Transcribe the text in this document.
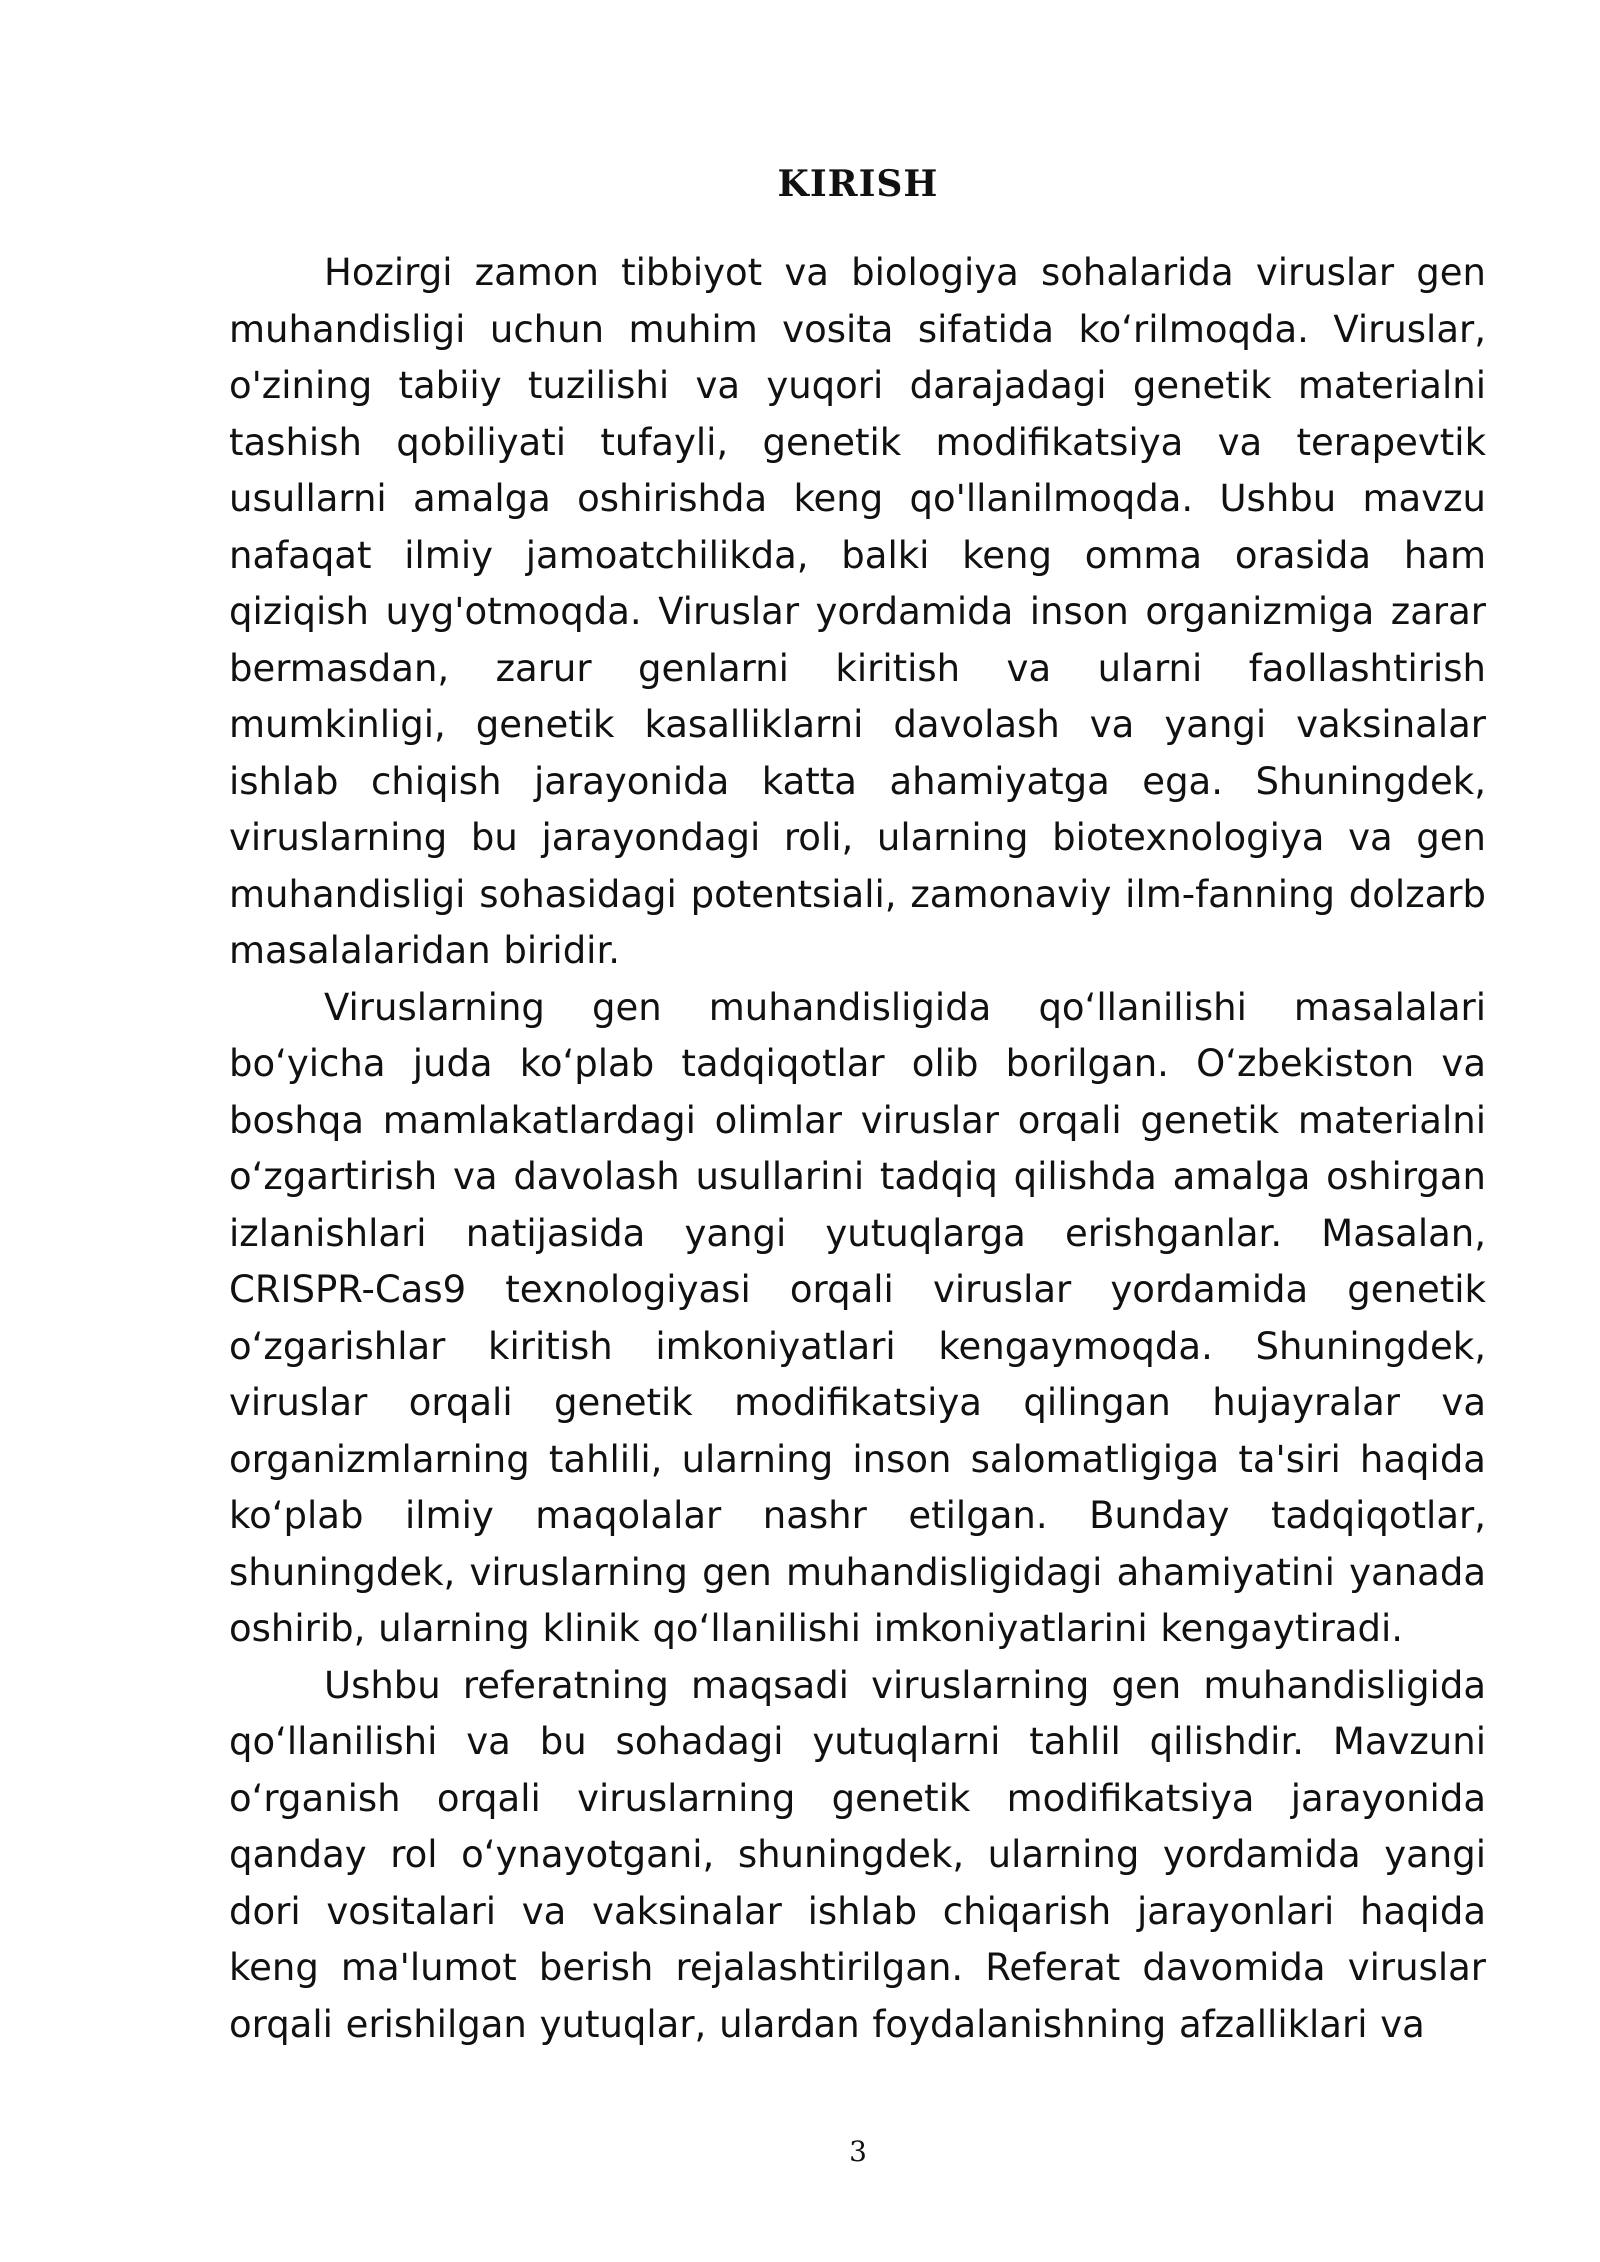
KIRISH

Hozirgi zamon tibbiyot va biologiya sohalarida viruslar gen muhandisligi uchun muhim vosita sifatida koʻrilmoqda. Viruslar, o'zining tabiiy tuzilishi va yuqori darajadagi genetik materialni tashish qobiliyati tufayli, genetik modifikatsiya va terapevtik usullarni amalga oshirishda keng qo'llanilmoqda. Ushbu mavzu nafaqat ilmiy jamoatchilikda, balki keng omma orasida ham qiziqish uyg'otmoqda. Viruslar yordamida inson organizmiga zarar bermasdan, zarur genlarni kiritish va ularni faollashtirish mumkinligi, genetik kasalliklarni davolash va yangi vaksinalar ishlab chiqish jarayonida katta ahamiyatga ega. Shuningdek, viruslarning bu jarayondagi roli, ularning biotexnologiya va gen muhandisligi sohasidagi potentsiali, zamonaviy ilm-fanning dolzarb masalalaridan biridir.

Viruslarning gen muhandisligida qoʻllanilishi masalalari boʻyicha juda koʻplab tadqiqotlar olib borilgan. Oʻzbekiston va boshqa mamlakatlardagi olimlar viruslar orqali genetik materialni oʻzgartirish va davolash usullarini tadqiq qilishda amalga oshirgan izlanishlari natijasida yangi yutuqlarga erishganlar. Masalan, CRISPR-Cas9 texnologiyasi orqali viruslar yordamida genetik oʻzgarishlar kiritish imkoniyatlari kengaymoqda. Shuningdek, viruslar orqali genetik modifikatsiya qilingan hujayralar va organizmlarning tahlili, ularning inson salomatligiga ta'siri haqida koʻplab ilmiy maqolalar nashr etilgan. Bunday tadqiqotlar, shuningdek, viruslarning gen muhandisligidagi ahamiyatini yanada oshirib, ularning klinik qoʻllanilishi imkoniyatlarini kengaytiradi.

Ushbu referatning maqsadi viruslarning gen muhandisligida qoʻllanilishi va bu sohadagi yutuqlarni tahlil qilishdir. Mavzuni oʻrganish orqali viruslarning genetik modifikatsiya jarayonida qanday rol oʻynayotgani, shuningdek, ularning yordamida yangi dori vositalari va vaksinalar ishlab chiqarish jarayonlari haqida keng ma'lumot berish rejalashtirilgan. Referat davomida viruslar orqali erishilgan yutuqlar, ulardan foydalanishning afzalliklari va

3
